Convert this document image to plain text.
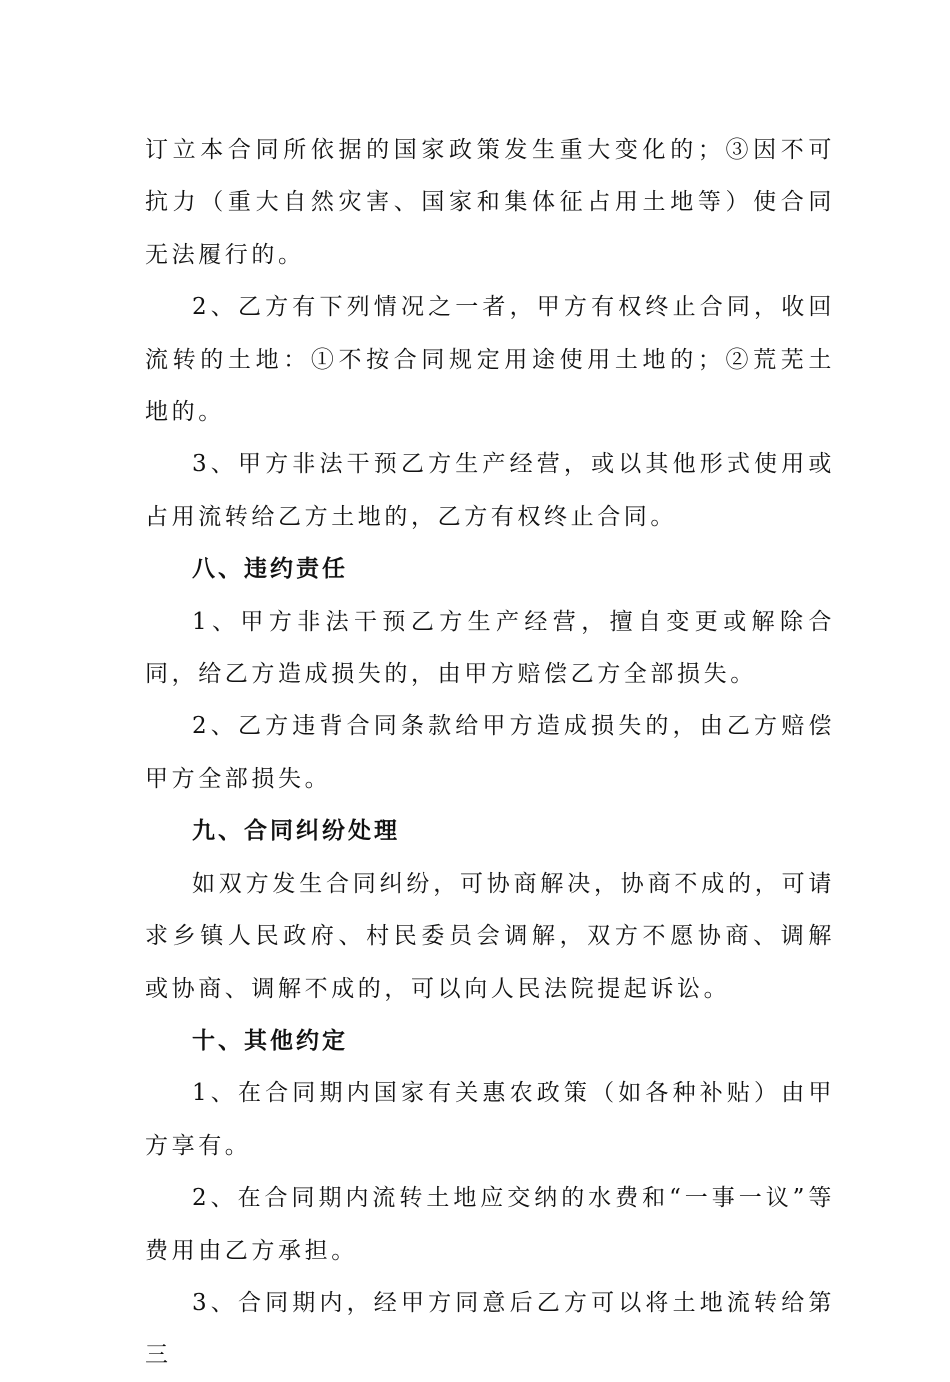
订立本合同所依据的国家政策发生重大变化的；③因不可抗力（重大自然灾害、国家和集体征占用土地等）使合同无法履行的。

2、乙方有下列情况之一者，甲方有权终止合同，收回流转的土地：①不按合同规定用途使用土地的；②荒芜土地的。

3、甲方非法干预乙方生产经营，或以其他形式使用或占用流转给乙方土地的，乙方有权终止合同。

八、违约责任

1、甲方非法干预乙方生产经营，擅自变更或解除合同，给乙方造成损失的，由甲方赔偿乙方全部损失。

2、乙方违背合同条款给甲方造成损失的，由乙方赔偿甲方全部损失。

九、合同纠纷处理

如双方发生合同纠纷，可协商解决，协商不成的，可请求乡镇人民政府、村民委员会调解，双方不愿协商、调解或协商、调解不成的，可以向人民法院提起诉讼。

十、其他约定

1、在合同期内国家有关惠农政策（如各种补贴）由甲方享有。

2、在合同期内流转土地应交纳的水费和“一事一议”等费用由乙方承担。

3、合同期内，经甲方同意后乙方可以将土地流转给第三
